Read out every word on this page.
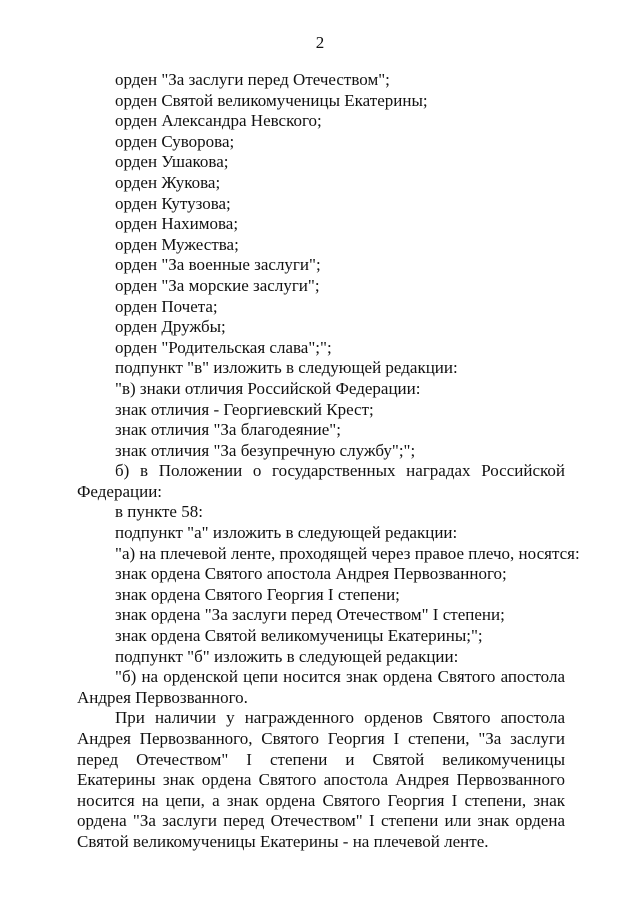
2
орден "За заслуги перед Отечеством";
орден Святой великомученицы Екатерины;
орден Александра Невского;
орден Суворова;
орден Ушакова;
орден Жукова;
орден Кутузова;
орден Нахимова;
орден Мужества;
орден "За военные заслуги";
орден "За морские заслуги";
орден Почета;
орден Дружбы;
орден "Родительская слава";";
подпункт "в" изложить в следующей редакции:
"в) знаки отличия Российской Федерации:
знак отличия - Георгиевский Крест;
знак отличия "За благодеяние";
знак отличия "За безупречную службу";";
б) в Положении о государственных наградах Российской Федерации:
в пункте 58:
подпункт "а" изложить в следующей редакции:
"а) на плечевой ленте, проходящей через правое плечо, носятся:
знак ордена Святого апостола Андрея Первозванного;
знак ордена Святого Георгия I степени;
знак ордена "За заслуги перед Отечеством" I степени;
знак ордена Святой великомученицы Екатерины;";
подпункт "б" изложить в следующей редакции:
"б) на орденской цепи носится знак ордена Святого апостола Андрея Первозванного.
При наличии у награжденного орденов Святого апостола Андрея Первозванного, Святого Георгия I степени, "За заслуги перед Отечеством" I степени и Святой великомученицы Екатерины знак ордена Святого апостола Андрея Первозванного носится на цепи, а знак ордена Святого Георгия I степени, знак ордена "За заслуги перед Отечеством" I степени или знак ордена Святой великомученицы Екатерины - на плечевой ленте.
